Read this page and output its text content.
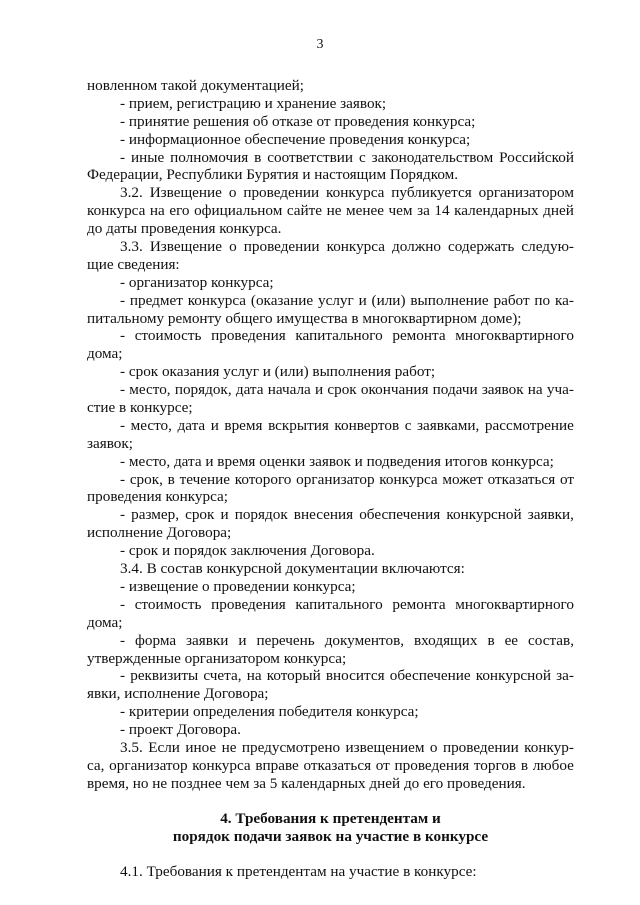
3
новленном такой документацией;
- прием, регистрацию и хранение заявок;
- принятие решения об отказе от проведения конкурса;
- информационное обеспечение проведения конкурса;
- иные полномочия в соответствии с законодательством Российской
Федерации, Республики Бурятия и настоящим Порядком.
3.2. Извещение о проведении конкурса публикуется организатором
конкурса на его официальном сайте не менее чем за 14 календарных дней
до даты проведения конкурса.
3.3. Извещение о проведении конкурса должно содержать следую-
щие сведения:
- организатор конкурса;
- предмет конкурса (оказание услуг и (или) выполнение работ по ка-
питальному ремонту общего имущества в многоквартирном доме);
- стоимость проведения капитального ремонта многоквартирного
дома;
- срок оказания услуг и (или) выполнения работ;
- место, порядок, дата начала и срок окончания подачи заявок на уча-
стие в конкурсе;
- место, дата и время вскрытия конвертов с заявками, рассмотрение
заявок;
- место, дата и время оценки заявок и подведения итогов конкурса;
- срок, в течение которого организатор конкурса может отказаться от
проведения конкурса;
- размер, срок и порядок внесения обеспечения конкурсной заявки,
исполнение Договора;
- срок и порядок заключения Договора.
3.4. В состав конкурсной документации включаются:
- извещение о проведении конкурса;
- стоимость проведения капитального ремонта многоквартирного
дома;
- форма заявки и перечень документов, входящих в ее состав,
утвержденные организатором конкурса;
- реквизиты счета, на который вносится обеспечение конкурсной за-
явки, исполнение Договора;
- критерии определения победителя конкурса;
- проект Договора.
3.5. Если иное не предусмотрено извещением о проведении конкур-
са, организатор конкурса вправе отказаться от проведения торгов в любое
время, но не позднее чем за 5 календарных дней до его проведения.
4. Требования к претендентам и
порядок подачи заявок на участие в конкурсе
4.1. Требования к претендентам на участие в конкурсе:
